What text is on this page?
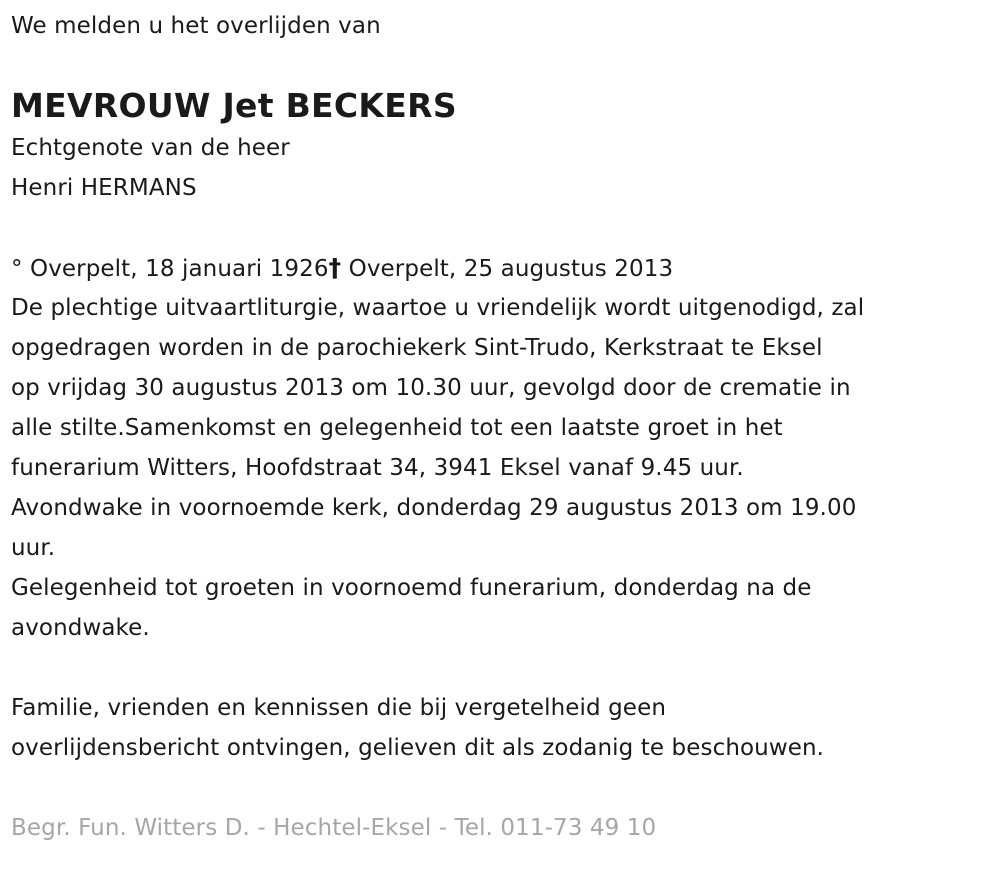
We melden u het overlijden van
MEVROUW Jet BECKERS
Echtgenote van de heer
Henri HERMANS
° Overpelt, 18 januari 1926† Overpelt, 25 augustus 2013
De plechtige uitvaartliturgie, waartoe u vriendelijk wordt uitgenodigd, zal
opgedragen worden in de parochiekerk Sint-Trudo, Kerkstraat te Eksel
op vrijdag 30 augustus 2013 om 10.30 uur, gevolgd door de crematie in
alle stilte.Samenkomst en gelegenheid tot een laatste groet in het
funerarium Witters, Hoofdstraat 34, 3941 Eksel vanaf 9.45 uur.
Avondwake in voornoemde kerk, donderdag 29 augustus 2013 om 19.00
uur.
Gelegenheid tot groeten in voornoemd funerarium, donderdag na de
avondwake.
Familie, vrienden en kennissen die bij vergetelheid geen
overlijdensbericht ontvingen, gelieven dit als zodanig te beschouwen.
Begr. Fun. Witters D. - Hechtel-Eksel - Tel. 011-73 49 10
